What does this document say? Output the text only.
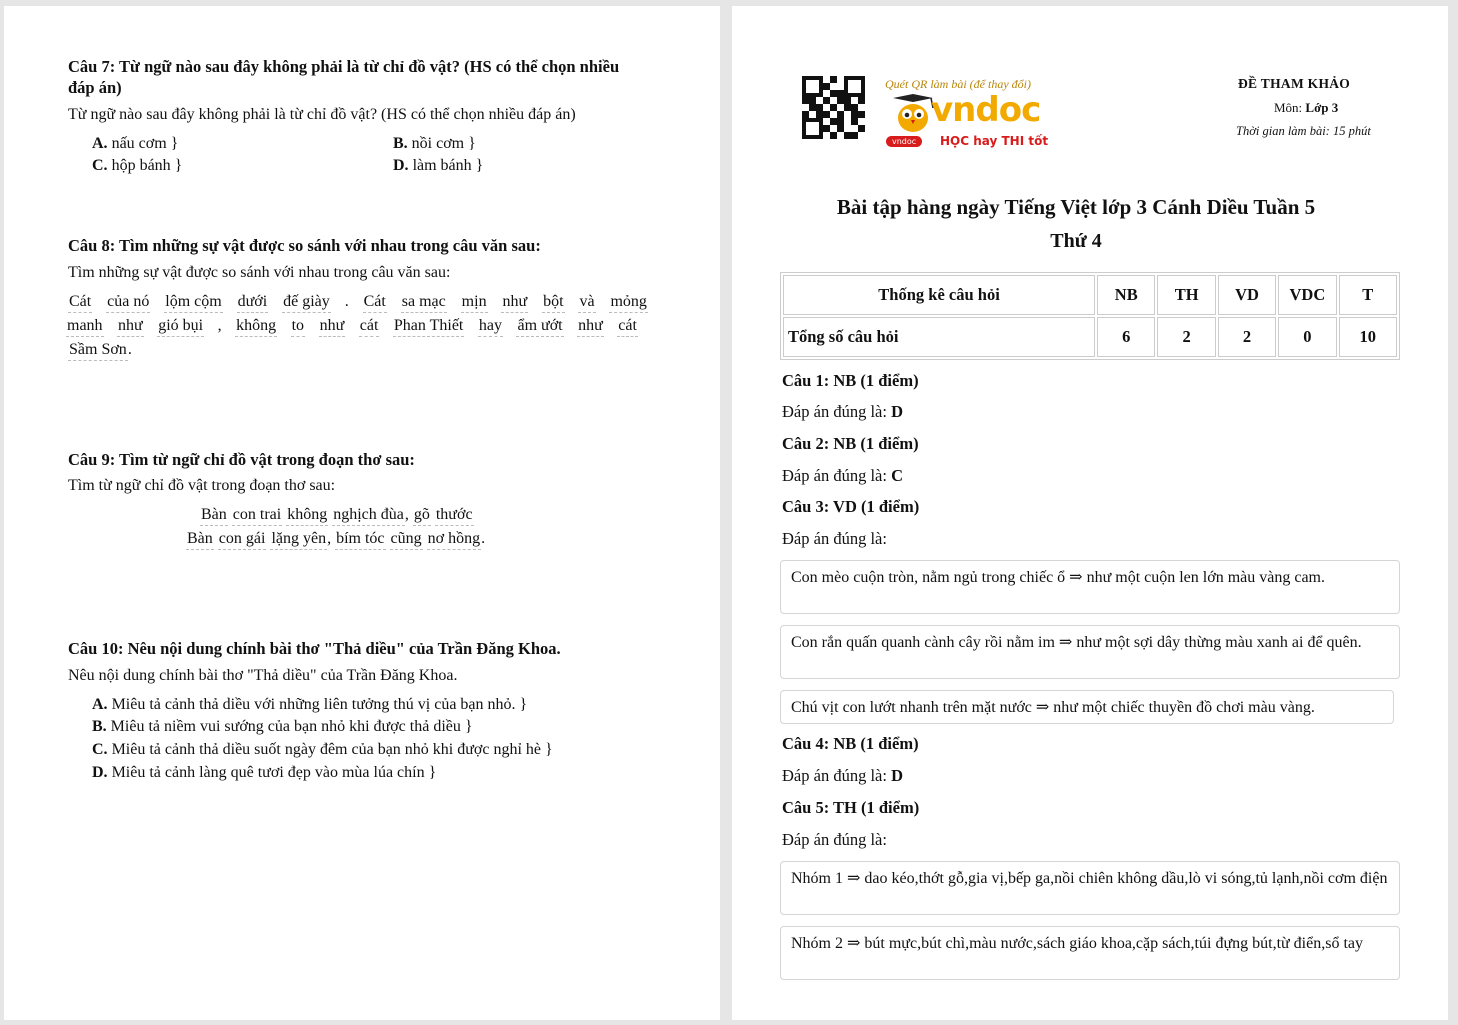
Câu 7: Từ ngữ nào sau đây không phải là từ chỉ đồ vật? (HS có thể chọn nhiều
đáp án)
Từ ngữ nào sau đây không phải là từ chỉ đồ vật? (HS có thể chọn nhiều đáp án)
A. nấu cơm }	B. nồi cơm }
C. hộp bánh }	D. làm bánh }
Câu 8: Tìm những sự vật được so sánh với nhau trong câu văn sau:
Tìm những sự vật được so sánh với nhau trong câu văn sau:
Cát của nó lộm cộm dưới đế giày . Cát sa mạc mịn như bột và mỏng
manh như gió bụi , không to như cát Phan Thiết hay ẩm ướt như cát
Sầm Sơn.
Câu 9: Tìm từ ngữ chỉ đồ vật trong đoạn thơ sau:
Tìm từ ngữ chỉ đồ vật trong đoạn thơ sau:
Bàn con trai không nghịch đùa, gõ thước
Bàn con gái lặng yên, bím tóc cũng nơ hồng.
Câu 10: Nêu nội dung chính bài thơ "Thả diều" của Trần Đăng Khoa.
Nêu nội dung chính bài thơ "Thả diều" của Trần Đăng Khoa.
A. Miêu tả cảnh thả diều với những liên tưởng thú vị của bạn nhỏ. }
B. Miêu tả niềm vui sướng của bạn nhỏ khi được thả diều }
C. Miêu tả cảnh thả diều suốt ngày đêm của bạn nhỏ khi được nghỉ hè }
D. Miêu tả cảnh làng quê tươi đẹp vào mùa lúa chín }
Quét QR làm bài (để thay đổi)
vndoc
vndoc	HỌC hay THI tốt
ĐỀ THAM KHẢO
Môn: Lớp 3
Thời gian làm bài: 15 phút
Bài tập hàng ngày Tiếng Việt lớp 3 Cánh Diều Tuần 5
Thứ 4
Thống kê câu hỏi	NB	TH	VD	VDC	T
Tổng số câu hỏi	6	2	2	0	10
Câu 1: NB (1 điểm)
Đáp án đúng là: D
Câu 2: NB (1 điểm)
Đáp án đúng là: C
Câu 3: VD (1 điểm)
Đáp án đúng là:
Con mèo cuộn tròn, nằm ngủ trong chiếc ổ ⇒ như một cuộn len lớn màu vàng cam.
Con rắn quấn quanh cành cây rồi nằm im ⇒ như một sợi dây thừng màu xanh ai để quên.
Chú vịt con lướt nhanh trên mặt nước ⇒ như một chiếc thuyền đồ chơi màu vàng.
Câu 4: NB (1 điểm)
Đáp án đúng là: D
Câu 5: TH (1 điểm)
Đáp án đúng là:
Nhóm 1 ⇒ dao kéo,thớt gỗ,gia vị,bếp ga,nồi chiên không dầu,lò vi sóng,tủ lạnh,nồi cơm điện
Nhóm 2 ⇒ bút mực,bút chì,màu nước,sách giáo khoa,cặp sách,túi đựng bút,từ điển,sổ tay
